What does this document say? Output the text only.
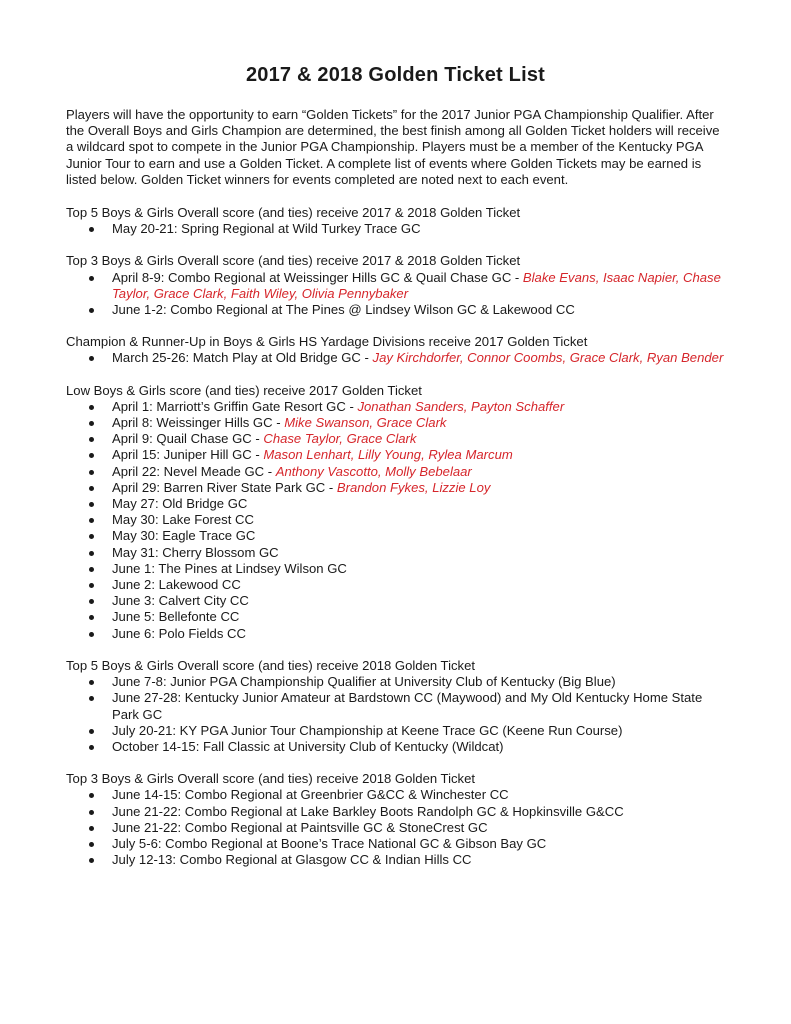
2017 & 2018 Golden Ticket List

Players will have the opportunity to earn “Golden Tickets” for the 2017 Junior PGA Championship Qualifier. After the Overall Boys and Girls Champion are determined, the best finish among all Golden Ticket holders will receive a wildcard spot to compete in the Junior PGA Championship. Players must be a member of the Kentucky PGA Junior Tour to earn and use a Golden Ticket. A complete list of events where Golden Tickets may be earned is listed below. Golden Ticket winners for events completed are noted next to each event.

Top 5 Boys & Girls Overall score (and ties) receive 2017 & 2018 Golden Ticket

May 20-21: Spring Regional at Wild Turkey Trace GC

Top 3 Boys & Girls Overall score (and ties) receive 2017 & 2018 Golden Ticket

April 8-9: Combo Regional at Weissinger Hills GC & Quail Chase GC - Blake Evans, Isaac Napier, Chase Taylor, Grace Clark, Faith Wiley, Olivia Pennybaker
June 1-2: Combo Regional at The Pines @ Lindsey Wilson GC & Lakewood CC

Champion & Runner-Up in Boys & Girls HS Yardage Divisions receive 2017 Golden Ticket

March 25-26: Match Play at Old Bridge GC - Jay Kirchdorfer, Connor Coombs, Grace Clark, Ryan Bender

Low Boys & Girls score (and ties) receive 2017 Golden Ticket

April 1: Marriott’s Griffin Gate Resort GC - Jonathan Sanders, Payton Schaffer
April 8: Weissinger Hills GC - Mike Swanson, Grace Clark
April 9: Quail Chase GC - Chase Taylor, Grace Clark
April 15: Juniper Hill GC - Mason Lenhart, Lilly Young, Rylea Marcum
April 22: Nevel Meade GC - Anthony Vascotto, Molly Bebelaar
April 29: Barren River State Park GC - Brandon Fykes, Lizzie Loy
May 27: Old Bridge GC
May 30: Lake Forest CC
May 30: Eagle Trace GC
May 31: Cherry Blossom GC
June 1: The Pines at Lindsey Wilson GC
June 2: Lakewood CC
June 3: Calvert City CC
June 5: Bellefonte CC
June 6: Polo Fields CC

Top 5 Boys & Girls Overall score (and ties) receive 2018 Golden Ticket

June 7-8: Junior PGA Championship Qualifier at University Club of Kentucky (Big Blue)
June 27-28: Kentucky Junior Amateur at Bardstown CC (Maywood) and My Old Kentucky Home State Park GC
July 20-21: KY PGA Junior Tour Championship at Keene Trace GC (Keene Run Course)
October 14-15: Fall Classic at University Club of Kentucky (Wildcat)

Top 3 Boys & Girls Overall score (and ties) receive 2018 Golden Ticket

June 14-15: Combo Regional at Greenbrier G&CC & Winchester CC
June 21-22: Combo Regional at Lake Barkley Boots Randolph GC & Hopkinsville G&CC
June 21-22: Combo Regional at Paintsville GC & StoneCrest GC
July 5-6: Combo Regional at Boone’s Trace National GC & Gibson Bay GC
July 12-13: Combo Regional at Glasgow CC & Indian Hills CC
